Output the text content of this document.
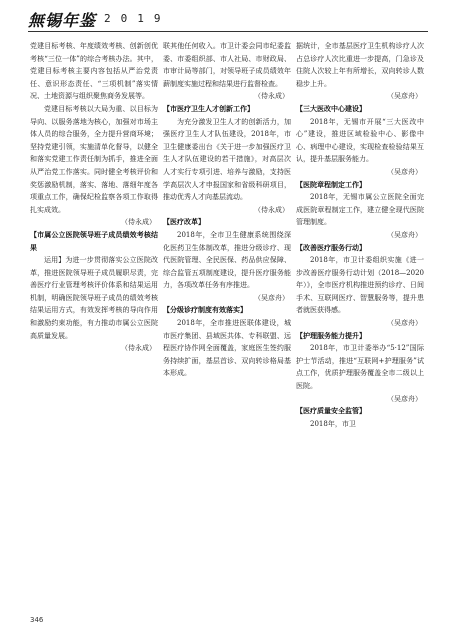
無锡年鉴 2019
党建目标考核、年度绩效考核、创新创优考核“三位一体”的综合考核办法。其中，党建目标考核主要内容包括从严治党责任、意识形态责任、“三项机制”落实情况、土地资源与组织聚焦商务发展等。
党建目标考核以大局为重、以目标为导向、以服务落地为核心，加强对市场主体人员的综合服务，全力提升营商环境；坚持党建引领，实施清单化督导，以健全和落实党建工作责任制为抓手，推进全面从严治党工作落实。同时健全考核评价和奖惩激励机制，落实、落地、落细年度各项重点工作，确保纪检监察各项工作取得扎实成效。
（侍永成）
【市属公立医院领导班子成员绩效考核结果
运用】为进一步贯彻落实公立医院改革，推进医院领导班子成员履职尽责，完善医疗行业管理考核评价体系和结果运用机制，明确医院领导班子成员的绩效考核结果运用方式，有效发挥考核的导向作用和激励约束功能，有力推动市属公立医院高质量发展。
（侍永成）
联其他任何收入。市卫计委会同市纪委监委、市委组织部、市人社局、市财政局、市审计局等部门，对领导班子成员绩效年薪制度实施过程和结果进行监督检查。
（侍永成）
【市医疗卫生人才创新工作】
为充分激发卫生人才的创新活力，加强医疗卫生人才队伍建设，2018年，市卫生健康委出台《关于进一步加强医疗卫生人才队伍建设的若干措施》，对高层次人才实行专项引进、培养与激励，支持医学高层次人才申报国家和省级科研项目，推动优秀人才向基层流动。
（侍永成）
【医疗改革】
2018年，全市卫生健康系统围绕深化医药卫生体制改革，推进分级诊疗、现代医院管理、全民医保、药品供应保障、综合监管五项制度建设，提升医疗服务能力，各项改革任务有序推进。
（吴彦舟）
【分级诊疗制度有效落实】
2018年，全市推进医联体建设，城市医疗集团、县域医共体、专科联盟、远程医疗协作网全面覆盖，家庭医生签约服务持续扩面，基层首诊、双向转诊格局基本形成。
据统计，全市基层医疗卫生机构诊疗人次占总诊疗人次比重进一步提高，门急诊及住院人次较上年有所增长，双向转诊人数稳步上升。
（吴彦舟）
【三大医改中心建设】
2018年，无锡市开展“三大医改中心”建设，推进区域检验中心、影像中心、病理中心建设，实现检查检验结果互认，提升基层服务能力。
（吴彦舟）
【医院章程制定工作】
2018年，无锡市属公立医院全面完成医院章程制定工作，建立健全现代医院管理制度。
（吴彦舟）
【改善医疗服务行动】
2018年，市卫计委组织实施《进一步改善医疗服务行动计划（2018—2020年）》，全市医疗机构推进预约诊疗、日间手术、互联网医疗、智慧服务等，提升患者就医获得感。
（吴彦舟）
【护理服务能力提升】
2018年，市卫计委举办“5·12”国际护士节活动，推进“互联网+护理服务”试点工作，优质护理服务覆盖全市二级以上医院。
（吴彦舟）
【医疗质量安全监管】
2018年，市卫
346
